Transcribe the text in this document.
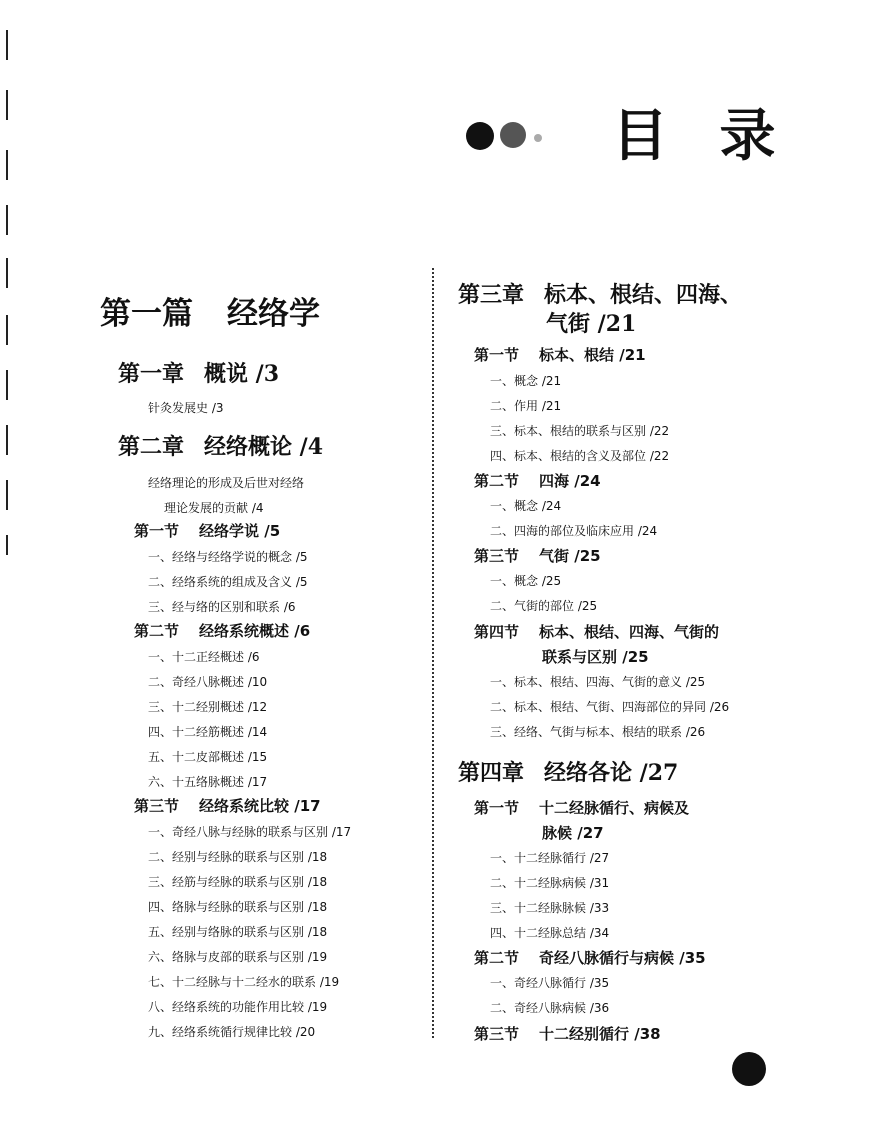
目 录
第一篇 经络学
第一章 概说 /3
针灸发展史 /3
第二章 经络概论 /4
经络理论的形成及后世对经络
理论发展的贡献 /4
第一节 经络学说 /5
一、经络与经络学说的概念 /5
二、经络系统的组成及含义 /5
三、经与络的区别和联系 /6
第二节 经络系统概述 /6
一、十二正经概述 /6
二、奇经八脉概述 /10
三、十二经别概述 /12
四、十二经筋概述 /14
五、十二皮部概述 /15
六、十五络脉概述 /17
第三节 经络系统比较 /17
一、奇经八脉与经脉的联系与区别 /17
二、经别与经脉的联系与区别 /18
三、经筋与经脉的联系与区别 /18
四、络脉与经脉的联系与区别 /18
五、经别与络脉的联系与区别 /18
六、络脉与皮部的联系与区别 /19
七、十二经脉与十二经水的联系 /19
八、经络系统的功能作用比较 /19
九、经络系统循行规律比较 /20
第三章 标本、根结、四海、
气街 /21
第一节 标本、根结 /21
一、概念 /21
二、作用 /21
三、标本、根结的联系与区别 /22
四、标本、根结的含义及部位 /22
第二节 四海 /24
一、概念 /24
二、四海的部位及临床应用 /24
第三节 气街 /25
一、概念 /25
二、气街的部位 /25
第四节 标本、根结、四海、气街的
联系与区别 /25
一、标本、根结、四海、气街的意义 /25
二、标本、根结、气街、四海部位的异同 /26
三、经络、气街与标本、根结的联系 /26
第四章 经络各论 /27
第一节 十二经脉循行、病候及
脉候 /27
一、十二经脉循行 /27
二、十二经脉病候 /31
三、十二经脉脉候 /33
四、十二经脉总结 /34
第二节 奇经八脉循行与病候 /35
一、奇经八脉循行 /35
二、奇经八脉病候 /36
第三节 十二经别循行 /38
